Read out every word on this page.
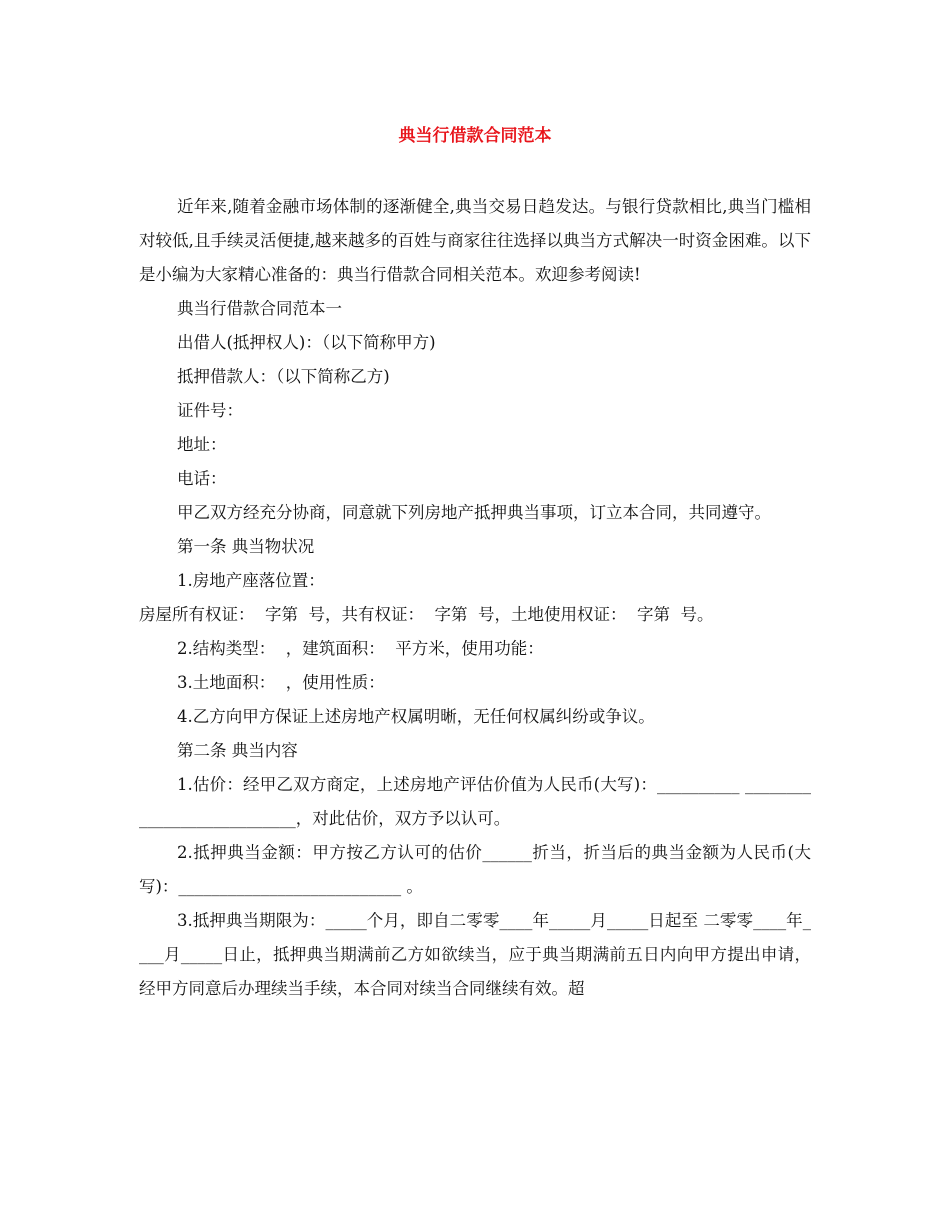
典当行借款合同范本

近年来,随着金融市场体制的逐渐健全,典当交易日趋发达。与银行贷款相比,典当门槛相对较低,且手续灵活便捷,越来越多的百姓与商家往往选择以典当方式解决一时资金困难。以下是小编为大家精心准备的：典当行借款合同相关范本。欢迎参考阅读!

典当行借款合同范本一

出借人(抵押权人)：（以下简称甲方)

抵押借款人：（以下简称乙方)

证件号：

地址：

电话：

甲乙双方经充分协商，同意就下列房地产抵押典当事项，订立本合同，共同遵守。

第一条 典当物状况

1.房地产座落位置：

房屋所有权证：  字第  号，共有权证：  字第  号，土地使用权证：  字第  号。

2.结构类型：  ，建筑面积：  平方米，使用功能：

3.土地面积：  ，使用性质：

4.乙方向甲方保证上述房地产权属明晰，无任何权属纠纷或争议。

第二条 典当内容

1.估价：经甲乙双方商定，上述房地产评估价值为人民币(大写)：__________ ___________________________，对此估价，双方予以认可。

2.抵押典当金额：甲方按乙方认可的估价______折当，折当后的典当金额为人民币(大写)：___________________________ 。

3.抵押典当期限为：_____个月，即自二零零____年_____月_____日起至 二零零____年____月_____日止，抵押典当期满前乙方如欲续当，应于典当期满前五日内向甲方提出申请，经甲方同意后办理续当手续，本合同对续当合同继续有效。超
